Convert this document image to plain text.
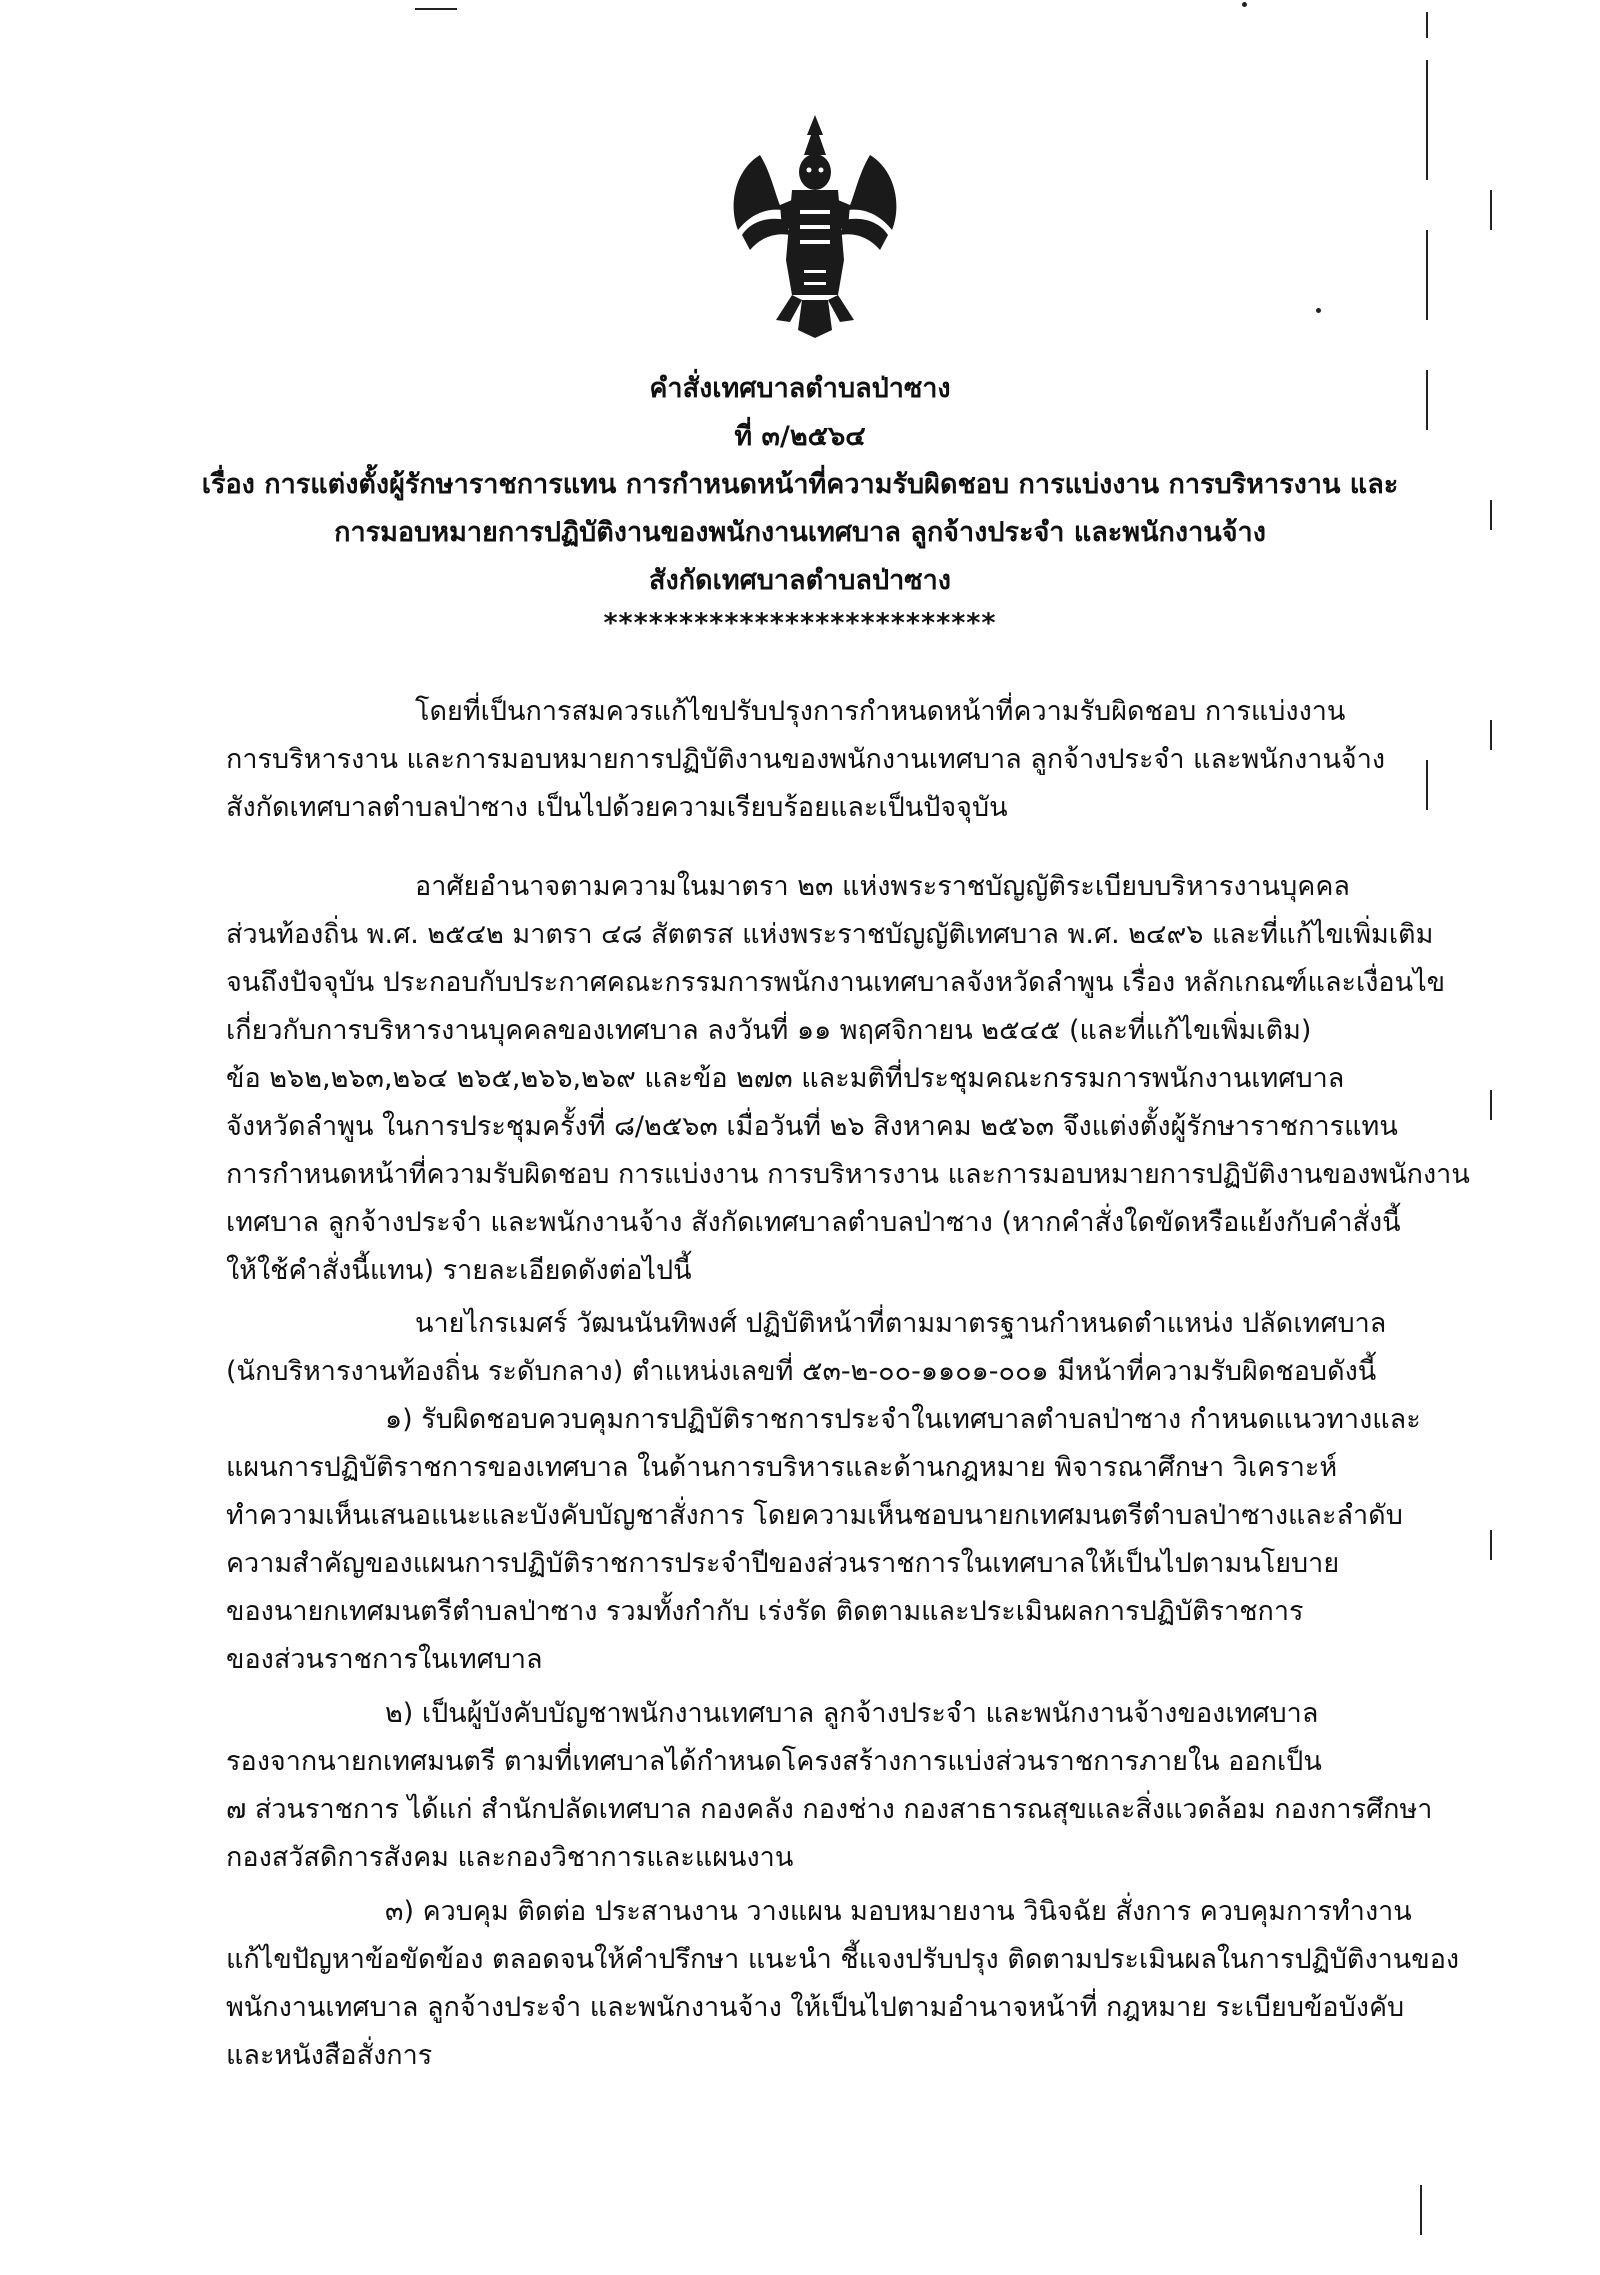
คำสั่งเทศบาลตำบลป่าซาง
ที่ ๓/๒๕๖๔
เรื่อง การแต่งตั้งผู้รักษาราชการแทน การกำหนดหน้าที่ความรับผิดชอบ การแบ่งงาน การบริหารงาน และ
การมอบหมายการปฏิบัติงานของพนักงานเทศบาล ลูกจ้างประจำ และพนักงานจ้าง
สังกัดเทศบาลตำบลป่าซาง
**************************
โดยที่เป็นการสมควรแก้ไขปรับปรุงการกำหนดหน้าที่ความรับผิดชอบ การแบ่งงาน
การบริหารงาน และการมอบหมายการปฏิบัติงานของพนักงานเทศบาล ลูกจ้างประจำ และพนักงานจ้าง
สังกัดเทศบาลตำบลป่าซาง เป็นไปด้วยความเรียบร้อยและเป็นปัจจุบัน
อาศัยอำนาจตามความในมาตรา ๒๓ แห่งพระราชบัญญัติระเบียบบริหารงานบุคคล
ส่วนท้องถิ่น พ.ศ. ๒๕๔๒ มาตรา ๔๘ สัตตรส แห่งพระราชบัญญัติเทศบาล พ.ศ. ๒๔๙๖ และที่แก้ไขเพิ่มเติม
จนถึงปัจจุบัน ประกอบกับประกาศคณะกรรมการพนักงานเทศบาลจังหวัดลำพูน เรื่อง หลักเกณฑ์และเงื่อนไข
เกี่ยวกับการบริหารงานบุคคลของเทศบาล ลงวันที่ ๑๑ พฤศจิกายน ๒๕๔๕ (และที่แก้ไขเพิ่มเติม)
ข้อ ๒๖๒,๒๖๓,๒๖๔ ๒๖๕,๒๖๖,๒๖๙ และข้อ ๒๗๓ และมติที่ประชุมคณะกรรมการพนักงานเทศบาล
จังหวัดลำพูน ในการประชุมครั้งที่ ๘/๒๕๖๓ เมื่อวันที่ ๒๖ สิงหาคม ๒๕๖๓ จึงแต่งตั้งผู้รักษาราชการแทน
การกำหนดหน้าที่ความรับผิดชอบ การแบ่งงาน การบริหารงาน และการมอบหมายการปฏิบัติงานของพนักงาน
เทศบาล ลูกจ้างประจำ และพนักงานจ้าง สังกัดเทศบาลตำบลป่าซาง (หากคำสั่งใดขัดหรือแย้งกับคำสั่งนี้
ให้ใช้คำสั่งนี้แทน) รายละเอียดดังต่อไปนี้
นายไกรเมศร์ วัฒนนันทิพงศ์ ปฏิบัติหน้าที่ตามมาตรฐานกำหนดตำแหน่ง ปลัดเทศบาล
(นักบริหารงานท้องถิ่น ระดับกลาง) ตำแหน่งเลขที่ ๕๓-๒-๐๐-๑๑๐๑-๐๐๑ มีหน้าที่ความรับผิดชอบดังนี้
๑) รับผิดชอบควบคุมการปฏิบัติราชการประจำในเทศบาลตำบลป่าซาง กำหนดแนวทางและ
แผนการปฏิบัติราชการของเทศบาล ในด้านการบริหารและด้านกฎหมาย พิจารณาศึกษา วิเคราะห์
ทำความเห็นเสนอแนะและบังคับบัญชาสั่งการ โดยความเห็นชอบนายกเทศมนตรีตำบลป่าซางและลำดับ
ความสำคัญของแผนการปฏิบัติราชการประจำปีของส่วนราชการในเทศบาลให้เป็นไปตามนโยบาย
ของนายกเทศมนตรีตำบลป่าซาง รวมทั้งกำกับ เร่งรัด ติดตามและประเมินผลการปฏิบัติราชการ
ของส่วนราชการในเทศบาล
๒) เป็นผู้บังคับบัญชาพนักงานเทศบาล ลูกจ้างประจำ และพนักงานจ้างของเทศบาล
รองจากนายกเทศมนตรี ตามที่เทศบาลได้กำหนดโครงสร้างการแบ่งส่วนราชการภายใน ออกเป็น
๗ ส่วนราชการ ได้แก่ สำนักปลัดเทศบาล กองคลัง กองช่าง กองสาธารณสุขและสิ่งแวดล้อม กองการศึกษา
กองสวัสดิการสังคม และกองวิชาการและแผนงาน
๓) ควบคุม ติดต่อ ประสานงาน วางแผน มอบหมายงาน วินิจฉัย สั่งการ ควบคุมการทำงาน
แก้ไขปัญหาข้อขัดข้อง ตลอดจนให้คำปรึกษา แนะนำ ชี้แจงปรับปรุง ติดตามประเมินผลในการปฏิบัติงานของ
พนักงานเทศบาล ลูกจ้างประจำ และพนักงานจ้าง ให้เป็นไปตามอำนาจหน้าที่ กฎหมาย ระเบียบข้อบังคับ
และหนังสือสั่งการ
